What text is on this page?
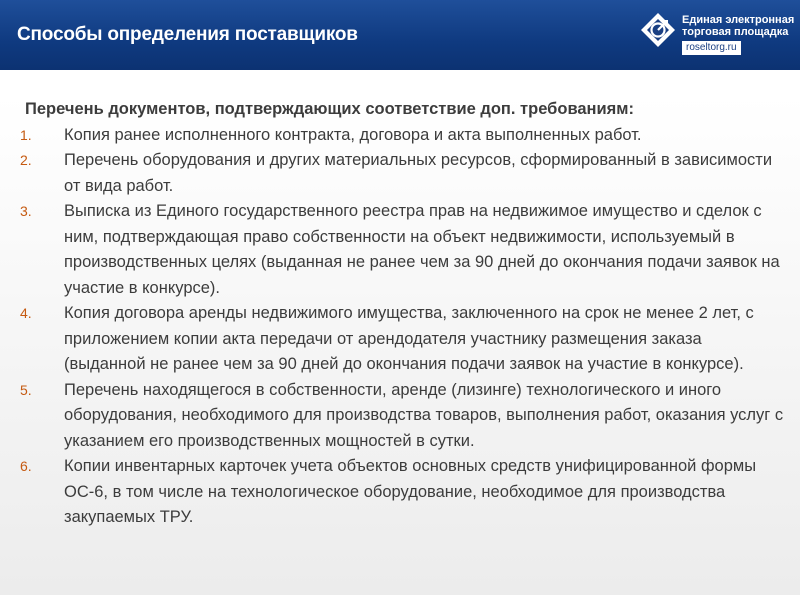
Способы определения поставщиков
Единая электронная
торговая площадка
roseltorg.ru
Перечень документов, подтверждающих соответствие доп. требованиям:
1. Копия ранее исполненного контракта, договора и акта выполненных работ.
2. Перечень оборудования и других материальных ресурсов, сформированный в зависимости от вида работ.
3. Выписка из Единого государственного реестра прав на недвижимое имущество и сделок с ним, подтверждающая право собственности на объект недвижимости, используемый в производственных целях (выданная не ранее чем за 90 дней до окончания подачи заявок на участие в конкурсе).
4. Копия договора аренды недвижимого имущества, заключенного на срок не менее 2 лет, с приложением копии акта передачи от арендодателя участнику размещения заказа (выданной не ранее чем за 90 дней до окончания подачи заявок на участие в конкурсе).
5. Перечень находящегося в собственности, аренде (лизинге) технологического и иного оборудования, необходимого для производства товаров, выполнения работ, оказания услуг с указанием его производственных мощностей в сутки.
6. Копии инвентарных карточек учета объектов основных средств унифицированной формы ОС-6, в том числе на технологическое оборудование, необходимое для производства закупаемых ТРУ.
